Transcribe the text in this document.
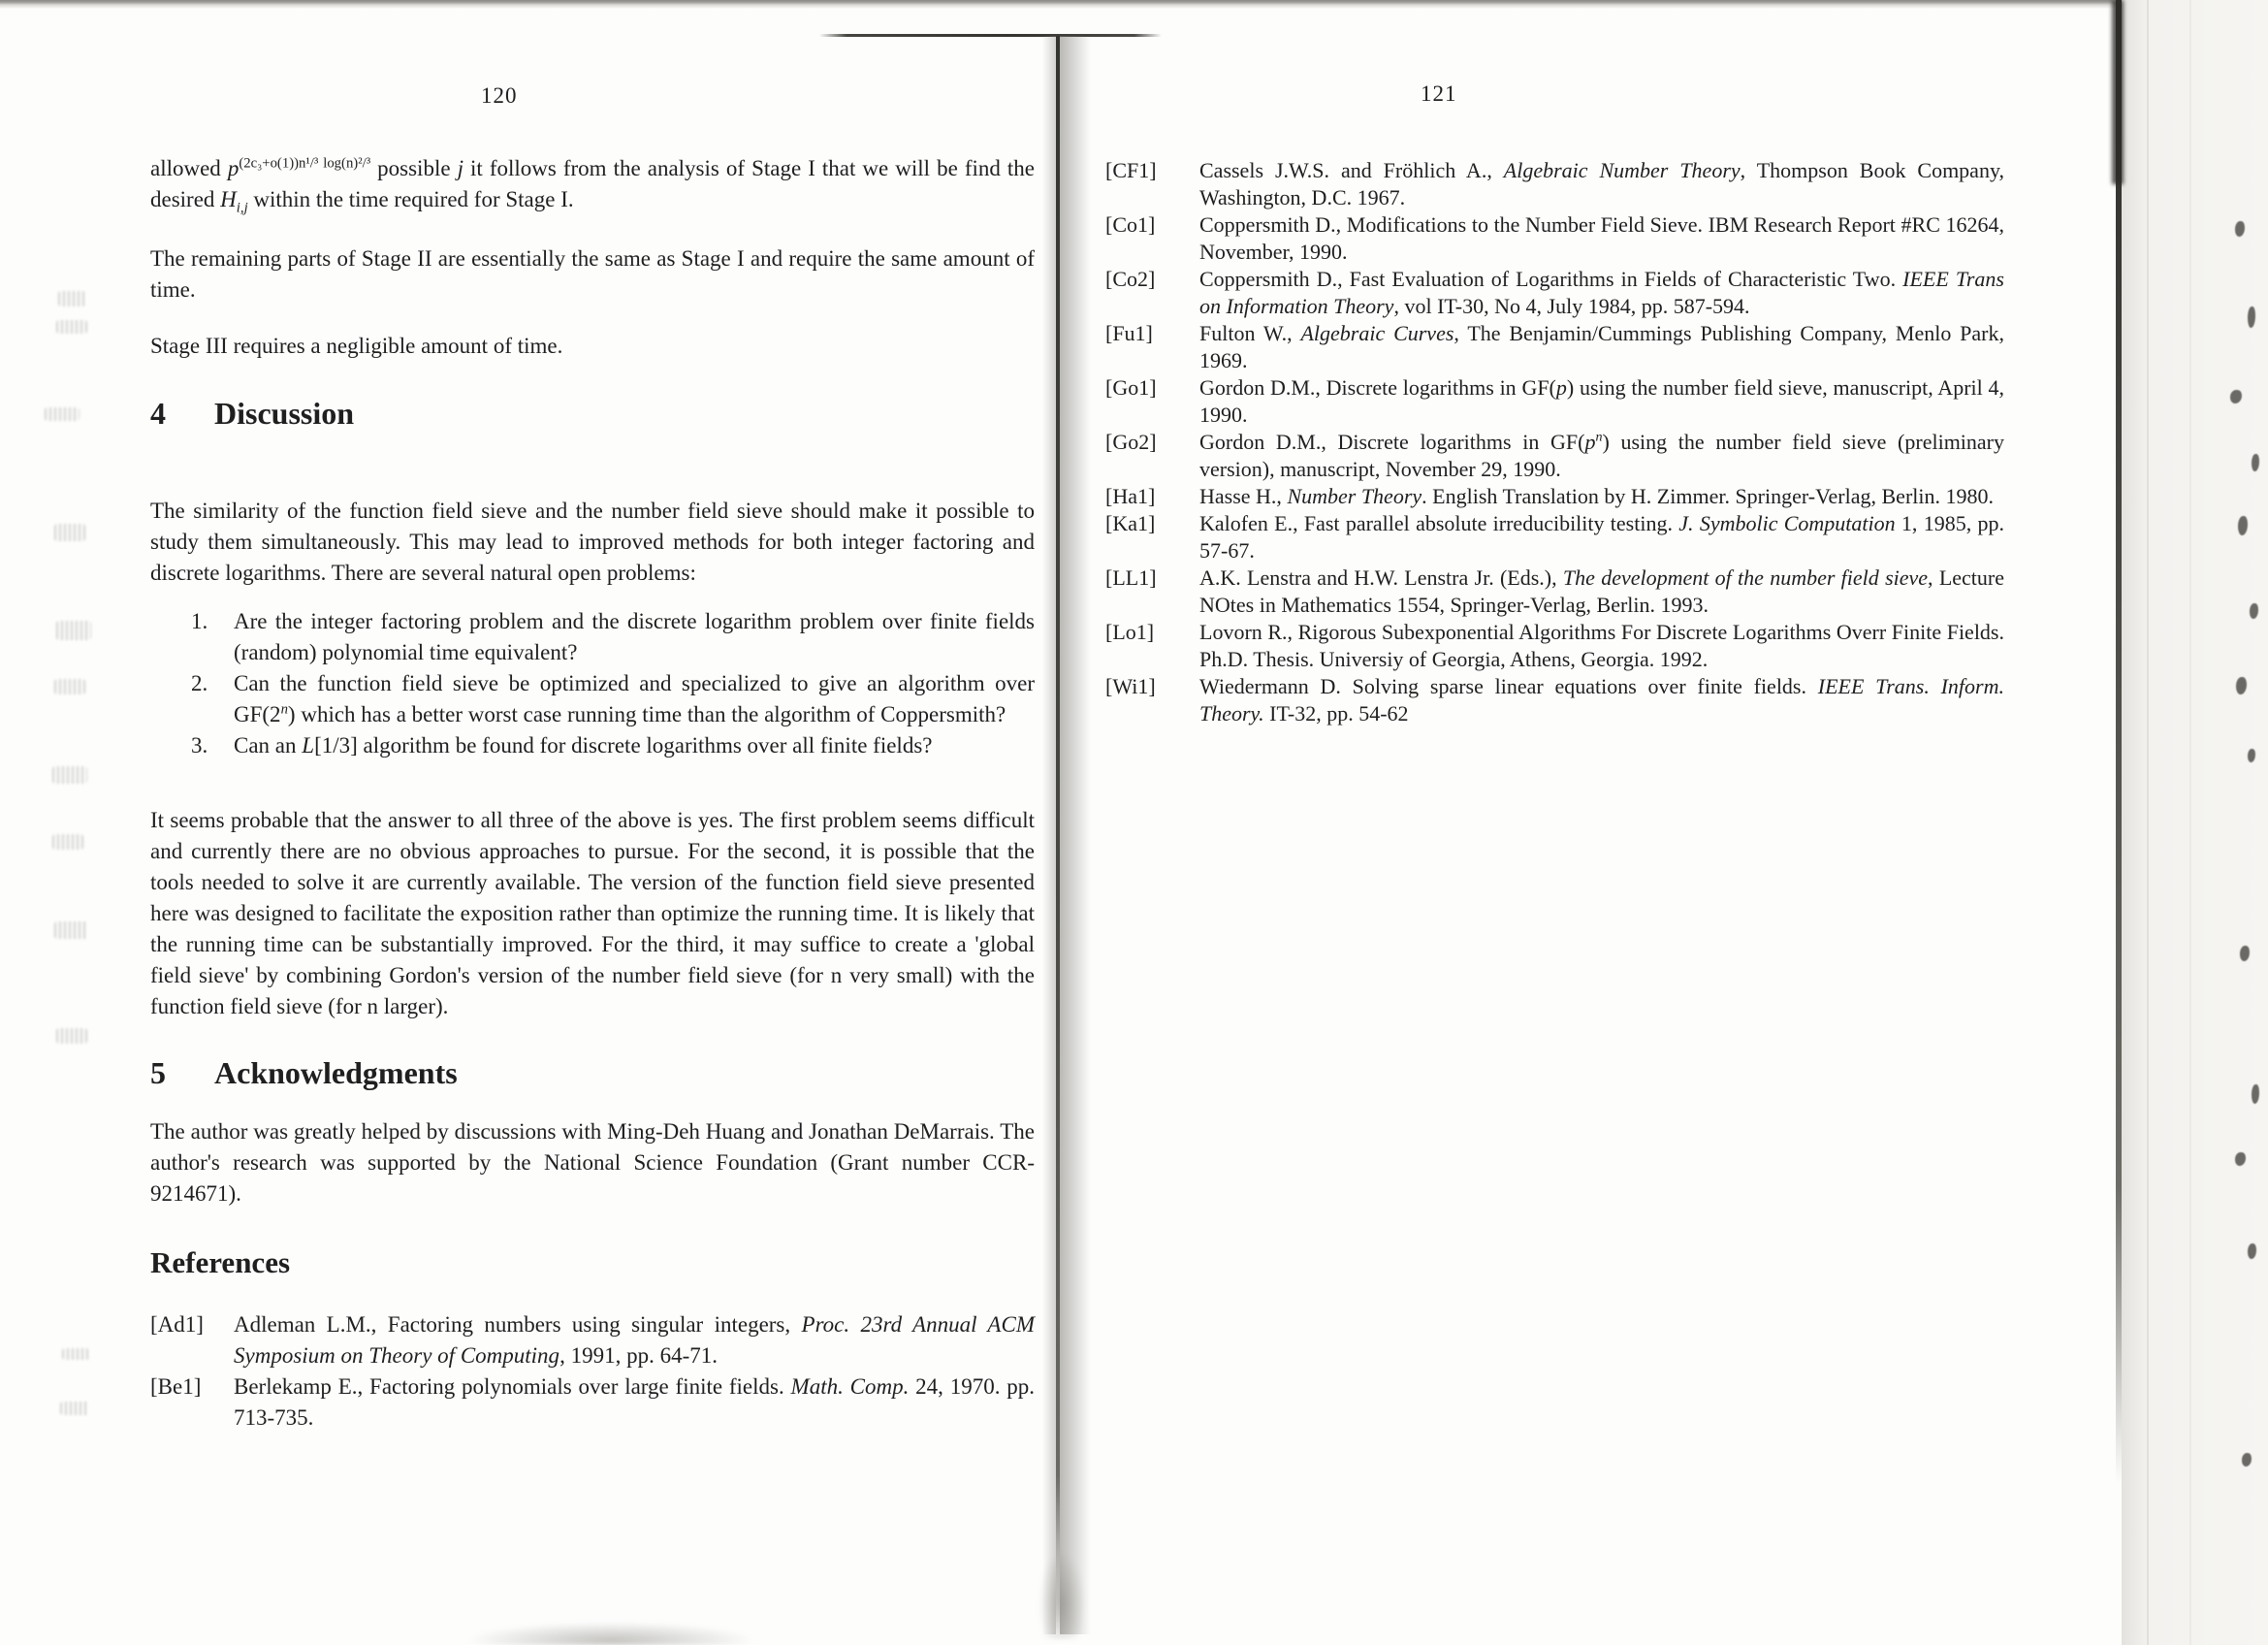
120

allowed $p^{(2c_3+o(1))n^1/^3 log(n)^2/^3}$ possible j it follows from the analysis of Stage I that we will be find the desired $H_{i,j}$ within the time required for Stage I.

The remaining parts of Stage II are essentially the same as Stage I and require the same amount of time.

Stage III requires a negligible amount of time.

4 Discussion

The similarity of the function field sieve and the number field sieve should make it possible to study them simultaneously. This may lead to improved methods for both integer factoring and discrete logarithms. There are several natural open problems:

1.	Are the integer factoring problem and the discrete logarithm problem over finite fields (random) polynomial time equivalent?
2.	Can the function field sieve be optimized and specialized to give an algorithm over GF(2$^n$) which has a better worst case running time than the algorithm of Coppersmith?
3.	Can an L[1/3] algorithm be found for discrete logarithms over all finite fields?

It seems probable that the answer to all three of the above is yes. The first problem seems difficult and currently there are no obvious approaches to pursue. For the second, it is possible that the tools needed to solve it are currently available. The version of the function field sieve presented here was designed to facilitate the exposition rather than optimize the running time. It is likely that the running time can be substantially improved. For the third, it may suffice to create a 'global field sieve' by combining Gordon's version of the number field sieve (for n very small) with the function field sieve (for n larger).

5 Acknowledgments

The author was greatly helped by discussions with Ming-Deh Huang and Jonathan DeMarrais. The author's research was supported by the National Science Foundation (Grant number CCR-9214671).

References
[Ad1]	Adleman L.M., Factoring numbers using singular integers, Proc. 23rd Annual ACM Symposium on Theory of Computing, 1991, pp. 64-71.
[Be1]	Berlekamp E., Factoring polynomials over large finite fields. Math. Comp. 24, 1970. pp. 713-735.
121
[CF1]	Cassels J.W.S. and Fröhlich A., Algebraic Number Theory, Thompson Book Company, Washington, D.C. 1967.
[Co1]	Coppersmith D., Modifications to the Number Field Sieve. IBM Research Report #RC 16264, November, 1990.
[Co2]	Coppersmith D., Fast Evaluation of Logarithms in Fields of Characteristic Two. IEEE Trans on Information Theory, vol IT-30, No 4, July 1984, pp. 587-594.
[Fu1]	Fulton W., Algebraic Curves, The Benjamin/Cummings Publishing Company, Menlo Park, 1969.
[Go1]	Gordon D.M., Discrete logarithms in GF(p) using the number field sieve, manuscript, April 4, 1990.
[Go2]	Gordon D.M., Discrete logarithms in $GF(p^n)$ using the number field sieve (preliminary version), manuscript, November 29, 1990.
[Ha1]	Hasse H., Number Theory. English Translation by H. Zimmer. Springer-Verlag, Berlin. 1980.
[Ka1]	Kalofen E., Fast parallel absolute irreducibility testing. J. Symbolic Computation 1, 1985, pp. 57-67.
[LL1]	A.K. Lenstra and H.W. Lenstra Jr. (Eds.), The development of the number field sieve, Lecture NOtes in Mathematics 1554, Springer-Verlag, Berlin. 1993.
[Lo1]	Lovorn R., Rigorous Subexponential Algorithms For Discrete Logarithms Overr Finite Fields. Ph.D. Thesis. Universiy of Georgia, Athens, Georgia. 1992.
[Wi1]	Wiedermann D. Solving sparse linear equations over finite fields. IEEE Trans. Inform. Theory. IT-32, pp. 54-62
